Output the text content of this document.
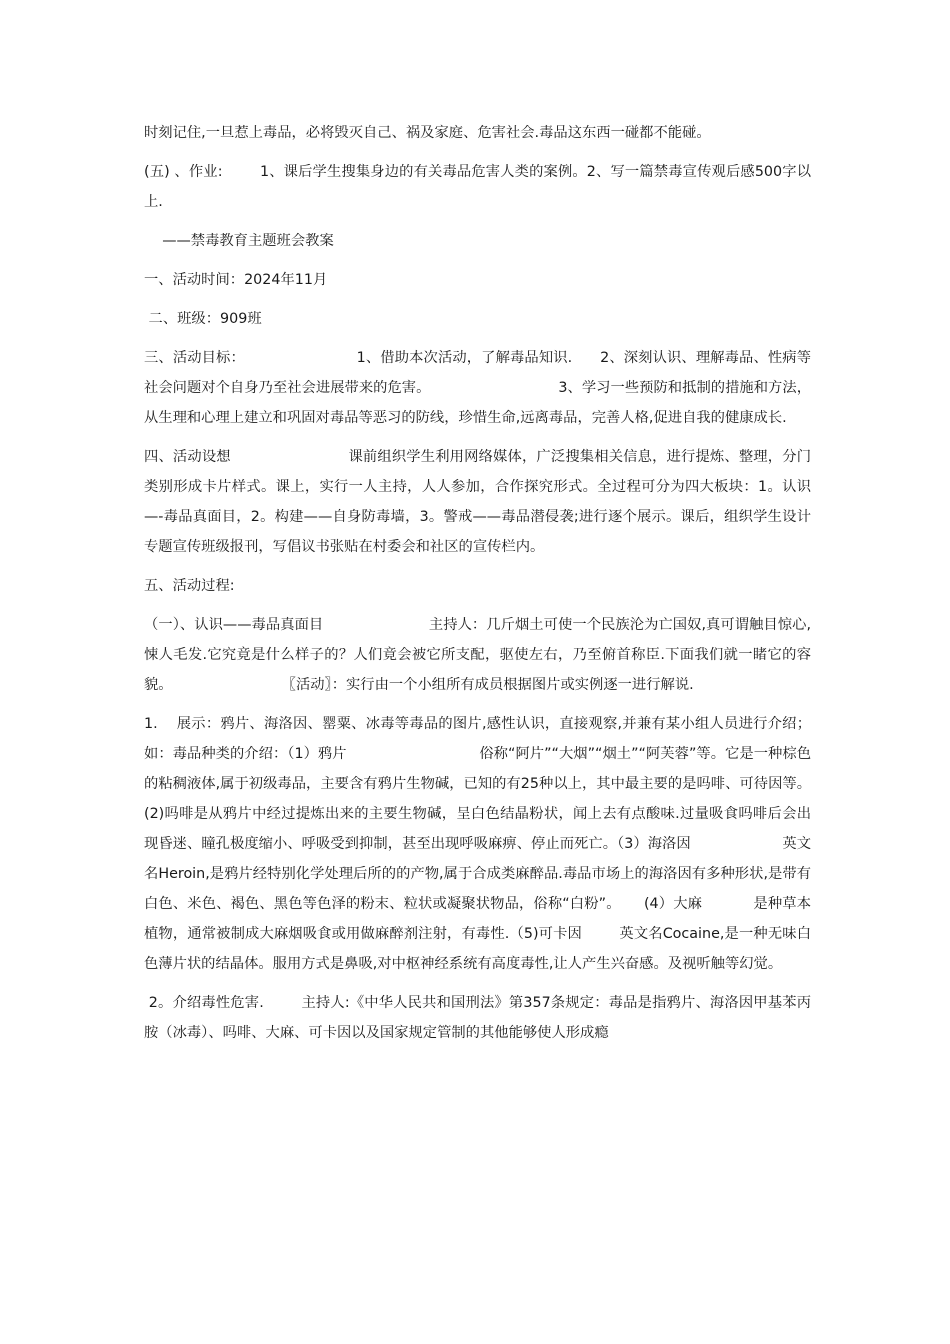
时刻记住,一旦惹上毒品，必将毁灭自己、祸及家庭、危害社会.毒品这东西一碰都不能碰。

(五) 、作业:        1、课后学生搜集身边的有关毒品危害人类的案例。2、写一篇禁毒宣传观后感500字以上.

——禁毒教育主题班会教案

一、活动时间：2024年11月

二、班级：909班

三、活动目标：                        1、借助本次活动，了解毒品知识.      2、深刻认识、理解毒品、性病等社会问题对个自身乃至社会进展带来的危害。                            3、学习一些预防和抵制的措施和方法，从生理和心理上建立和巩固对毒品等恶习的防线，珍惜生命,远离毒品，完善人格,促进自我的健康成长.

四、活动设想                         课前组织学生利用网络媒体，广泛搜集相关信息，进行提炼、整理，分门类别形成卡片样式。课上，实行一人主持，人人参加，合作探究形式。全过程可分为四大板块：1。认识—-毒品真面目，2。构建——自身防毒墙，3。警戒——毒品潜侵袭;进行逐个展示。课后，组织学生设计专题宣传班级报刊，写倡议书张贴在村委会和社区的宣传栏内。

五、活动过程:

（一）、认识——毒品真面目                       主持人：几斤烟土可使一个民族沦为亡国奴,真可谓触目惊心,悚人毛发.它究竟是什么样子的？人们竟会被它所支配，驱使左右，乃至俯首称臣.下面我们就一睹它的容貌。                        〖活动〗：实行由一个小组所有成员根据图片或实例逐一进行解说.

1.    展示：鸦片、海洛因、罂粟、冰毒等毒品的图片,感性认识，直接观察,并兼有某小组人员进行介绍；如：毒品种类的介绍：（1）鸦片                             俗称“阿片”“大烟”“烟土”“阿芙蓉”等。它是一种棕色的粘稠液体,属于初级毒品，主要含有鸦片生物碱，已知的有25种以上，其中最主要的是吗啡、可待因等。                      (2)吗啡是从鸦片中经过提炼出来的主要生物碱，呈白色结晶粉状，闻上去有点酸味.过量吸食吗啡后会出现昏迷、瞳孔极度缩小、呼吸受到抑制，甚至出现呼吸麻痹、停止而死亡。（3）海洛因                    英文名Heroin,是鸦片经特别化学处理后所的的产物,属于合成类麻醉品.毒品市场上的海洛因有多种形状,是带有白色、米色、褐色、黑色等色泽的粉末、粒状或凝聚状物品，俗称“白粉”。     (4）大麻           是种草本植物，通常被制成大麻烟吸食或用做麻醉剂注射，有毒性.（5)可卡因        英文名Cocaine,是一种无味白色薄片状的结晶体。服用方式是鼻吸,对中枢神经系统有高度毒性,让人产生兴奋感。及视听触等幻觉。

2。介绍毒性危害.        主持人:《中华人民共和国刑法》第357条规定：毒品是指鸦片、海洛因甲基苯丙胺（冰毒）、吗啡、大麻、可卡因以及国家规定管制的其他能够使人形成瘾
